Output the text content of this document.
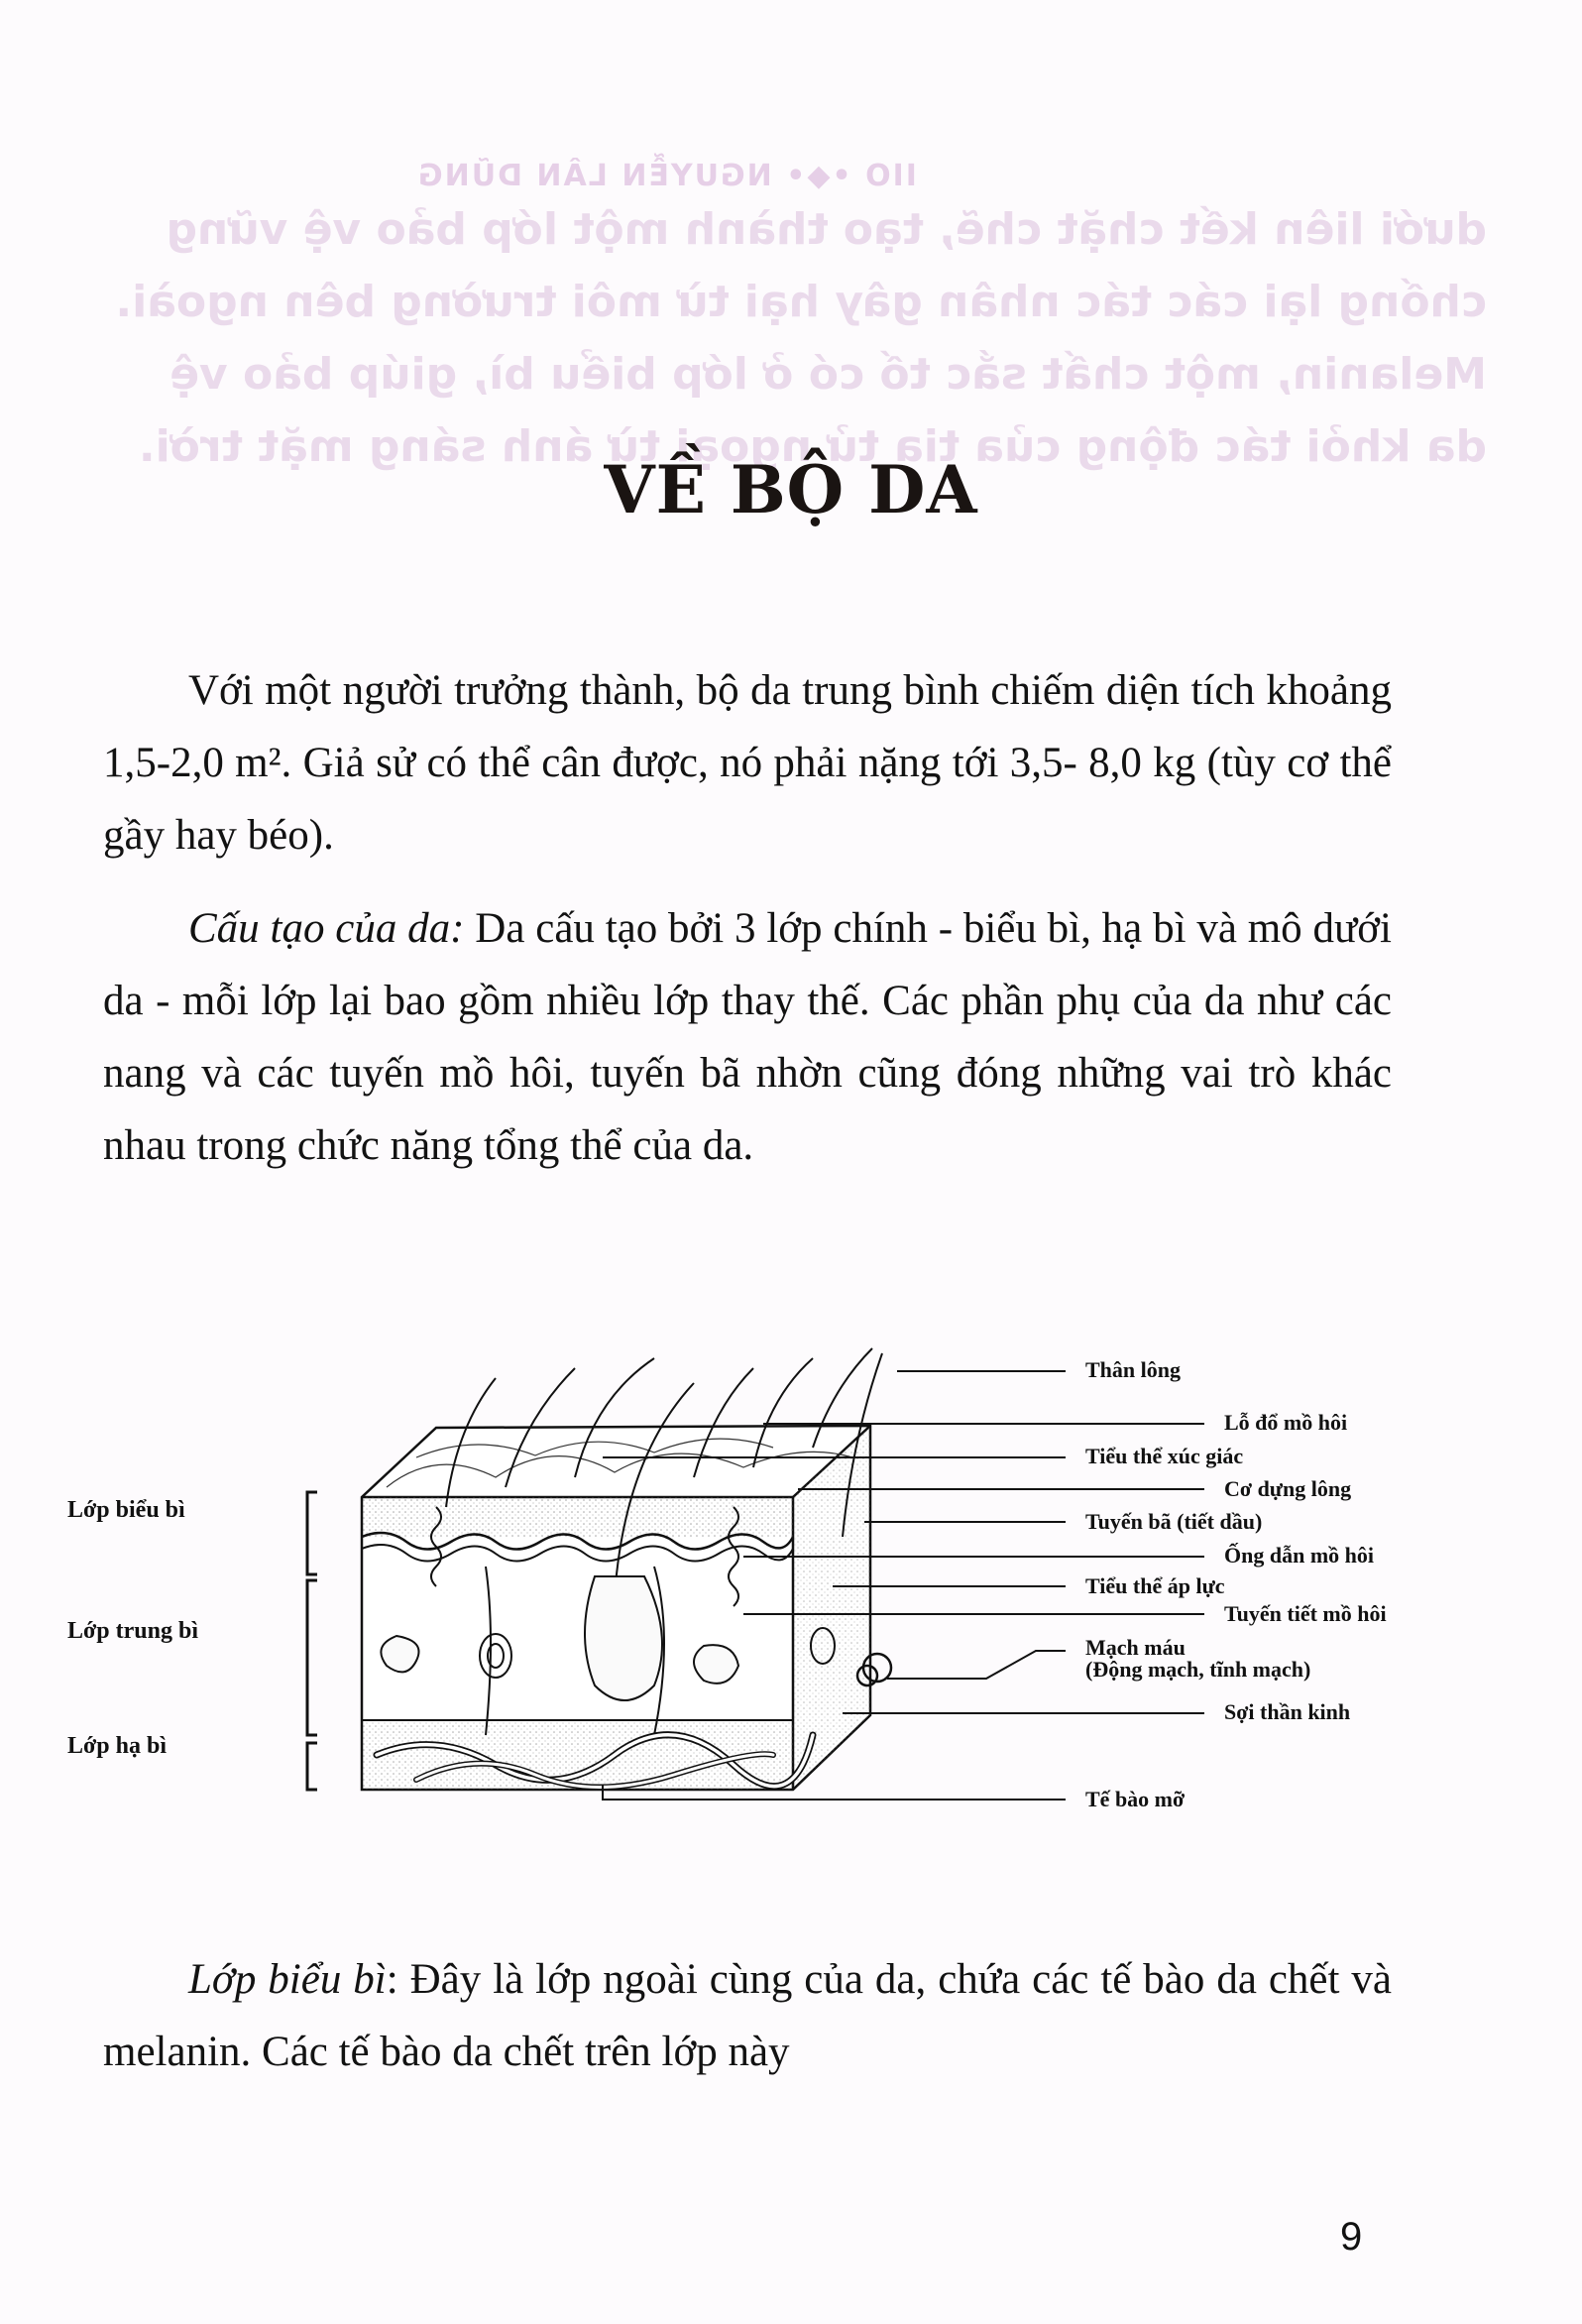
IIO •◆• NGUYỄN LÂN DŨNG
dưới liên kết chặt chẽ, tạo thành một lớp bảo vệ vững
chống lại các tác nhân gây hại từ môi trường bên ngoài.
Melanin, một chất sắc tố có ở lớp biểu bì, giúp bảo vệ
da khỏi tác động của tia tử ngoại từ ánh sáng mặt trời.
VỀ BỘ DA
Với một người trưởng thành, bộ da trung bình chiếm diện tích khoảng 1,5-2,0 m². Giả sử có thể cân được, nó phải nặng tới 3,5- 8,0 kg (tùy cơ thể gầy hay béo).
Cấu tạo của da: Da cấu tạo bởi 3 lớp chính - biểu bì, hạ bì và mô dưới da - mỗi lớp lại bao gồm nhiều lớp thay thế. Các phần phụ của da như các nang và các tuyến mồ hôi, tuyến bã nhờn cũng đóng những vai trò khác nhau trong chức năng tổng thể của da.
Lớp biểu bì
Lớp trung bì
Lớp hạ bì
Thân lông
Lỗ đổ mồ hôi
Tiểu thể xúc giác
Cơ dựng lông
Tuyến bã (tiết dầu)
Ống dẫn mồ hôi
Tiểu thể áp lực
Tuyến tiết mồ hôi
Mạch máu
(Động mạch, tĩnh mạch)
Sợi thần kinh
Tế bào mỡ
Lớp biểu bì: Đây là lớp ngoài cùng của da, chứa các tế bào da chết và melanin. Các tế bào da chết trên lớp này
9
